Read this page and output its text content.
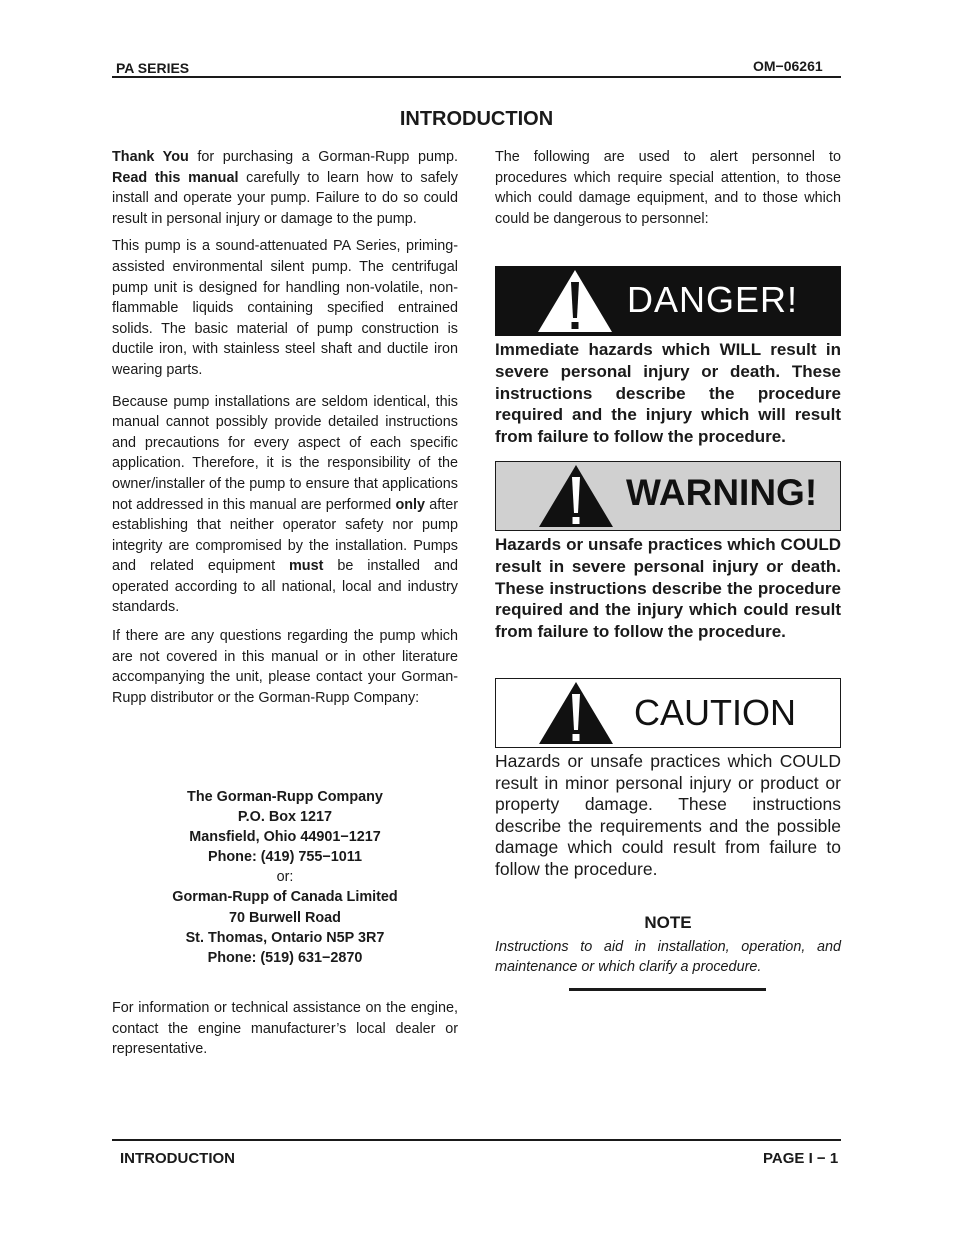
PA SERIES	OM−06261
INTRODUCTION

Thank You for purchasing a Gorman-Rupp pump. Read this manual carefully to learn how to safely install and operate your pump. Failure to do so could result in personal injury or damage to the pump.

This pump is a sound-attenuated PA Series, priming-assisted environmental silent pump. The centrifugal pump unit is designed for handling non-volatile, non-flammable liquids containing specified entrained solids. The basic material of pump construction is ductile iron, with stainless steel shaft and ductile iron wearing parts.

Because pump installations are seldom identical, this manual cannot possibly provide detailed instructions and precautions for every aspect of each specific application. Therefore, it is the responsibility of the owner/installer of the pump to ensure that applications not addressed in this manual are performed only after establishing that neither operator safety nor pump integrity are compromised by the installation. Pumps and related equipment must be installed and operated according to all national, local and industry standards.

If there are any questions regarding the pump which are not covered in this manual or in other literature accompanying the unit, please contact your Gorman-Rupp distributor or the Gorman-Rupp Company:

The Gorman-Rupp Company
P.O. Box 1217
Mansfield, Ohio 44901−1217
Phone: (419) 755−1011
or:
Gorman-Rupp of Canada Limited
70 Burwell Road
St. Thomas, Ontario N5P 3R7
Phone: (519) 631−2870

For information or technical assistance on the engine, contact the engine manufacturer’s local dealer or representative.

The following are used to alert personnel to procedures which require special attention, to those which could damage equipment, and to those which could be dangerous to personnel:

DANGER!
Immediate hazards which WILL result in severe personal injury or death. These instructions describe the procedure required and the injury which will result from failure to follow the procedure.
WARNING!
Hazards or unsafe practices which COULD result in severe personal injury or death. These instructions describe the procedure required and the injury which could result from failure to follow the procedure.
CAUTION
Hazards or unsafe practices which COULD result in minor personal injury or product or property damage. These instructions describe the requirements and the possible damage which could result from failure to follow the procedure.
NOTE
Instructions to aid in installation, operation, and maintenance or which clarify a procedure.
INTRODUCTION	PAGE I − 1
